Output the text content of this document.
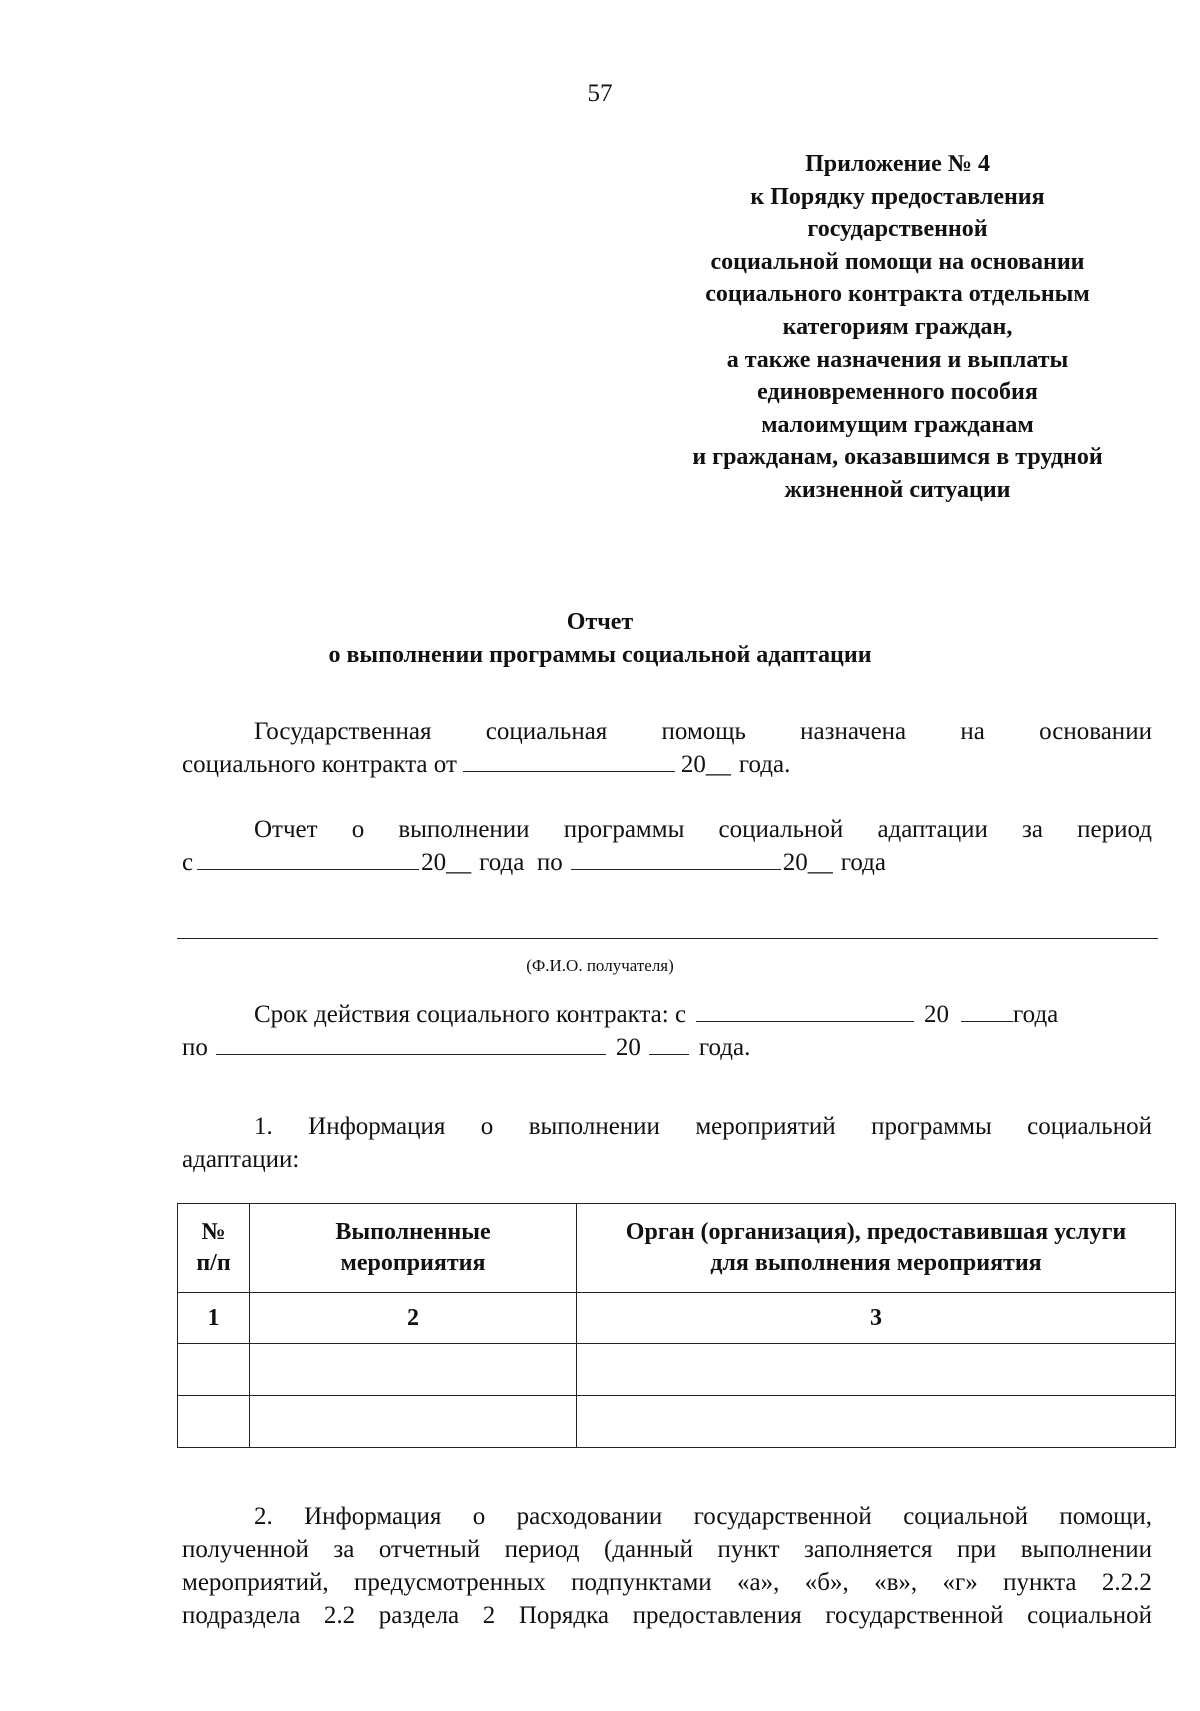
57
Приложение № 4
к Порядку предоставления
государственной
социальной помощи на основании
социального контракта отдельным
категориям граждан,
а также назначения и выплаты
единовременного пособия
малоимущим гражданам
и гражданам, оказавшимся в трудной
жизненной ситуации
Отчет
о выполнении программы социальной адаптации
Государственная социальная помощь назначена на основании
социального контракта от	20__ года.
Отчет о выполнении программы социальной адаптации за период
с	20__ года  по	20__ года
(Ф.И.О. получателя)
Срок действия социального контракта: с	20	года
по	20 года.
1. Информация о выполнении мероприятий программы социальной
адаптации:
№ п/п	Выполненные мероприятия	Орган (организация), предоставившая услуги для выполнения мероприятия
1	2	3

2. Информация о расходовании государственной социальной помощи,
полученной за отчетный период (данный пункт заполняется при выполнении
мероприятий, предусмотренных подпунктами «а», «б», «в», «г» пункта 2.2.2
подраздела 2.2 раздела 2 Порядка предоставления государственной социальной
